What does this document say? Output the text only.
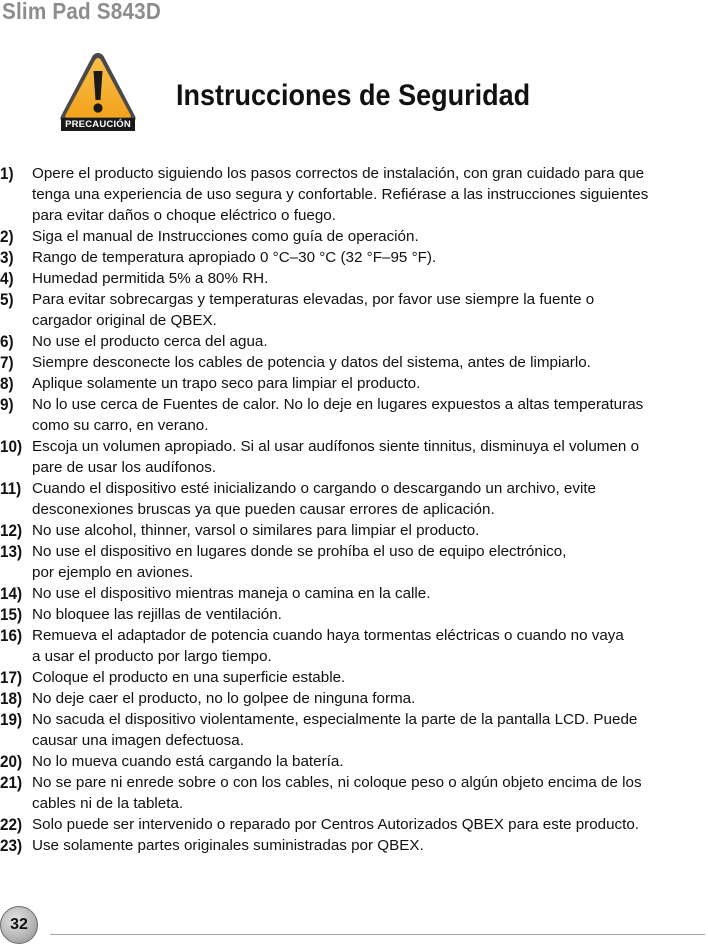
Slim Pad S843D
PRECAUCIÓN
Instrucciones de Seguridad
1)	Opere el producto siguiendo los pasos correctos de instalación, con gran cuidado para que
tenga una experiencia de uso segura y confortable. Refiérase a las instrucciones siguientes
para evitar daños o choque eléctrico o fuego.
2)	Siga el manual de Instrucciones como guía de operación.
3)	Rango de temperatura apropiado 0 °C–30 °C (32 °F–95 °F).
4)	Humedad permitida 5% a 80% RH.
5)	Para evitar sobrecargas y temperaturas elevadas, por favor use siempre la fuente o
cargador original de QBEX.
6)	No use el producto cerca del agua.
7)	Siempre desconecte los cables de potencia y datos del sistema, antes de limpiarlo.
8)	Aplique solamente un trapo seco para limpiar el producto.
9)	No lo use cerca de Fuentes de calor. No lo deje en lugares expuestos a altas temperaturas
como su carro, en verano.
10) Escoja un volumen apropiado. Si al usar audífonos siente tinnitus, disminuya el volumen o
pare de usar los audífonos.
11) Cuando el dispositivo esté inicializando o cargando o descargando un archivo, evite
desconexiones bruscas ya que pueden causar errores de aplicación.
12) No use alcohol, thinner, varsol o similares para limpiar el producto.
13) No use el dispositivo en lugares donde se prohíba el uso de equipo electrónico,
por ejemplo en aviones.
14) No use el dispositivo mientras maneja o camina en la calle.
15) No bloquee las rejillas de ventilación.
16) Remueva el adaptador de potencia cuando haya tormentas eléctricas o cuando no vaya
a usar el producto por largo tiempo.
17) Coloque el producto en una superficie estable.
18) No deje caer el producto, no lo golpee de ninguna forma.
19) No sacuda el dispositivo violentamente, especialmente la parte de la pantalla LCD. Puede
causar una imagen defectuosa.
20) No lo mueva cuando está cargando la batería.
21) No se pare ni enrede sobre o con los cables, ni coloque peso o algún objeto encima de los
cables ni de la tableta.
22) Solo puede ser intervenido o reparado por Centros Autorizados QBEX para este producto.
23) Use solamente partes originales suministradas por QBEX.
32
